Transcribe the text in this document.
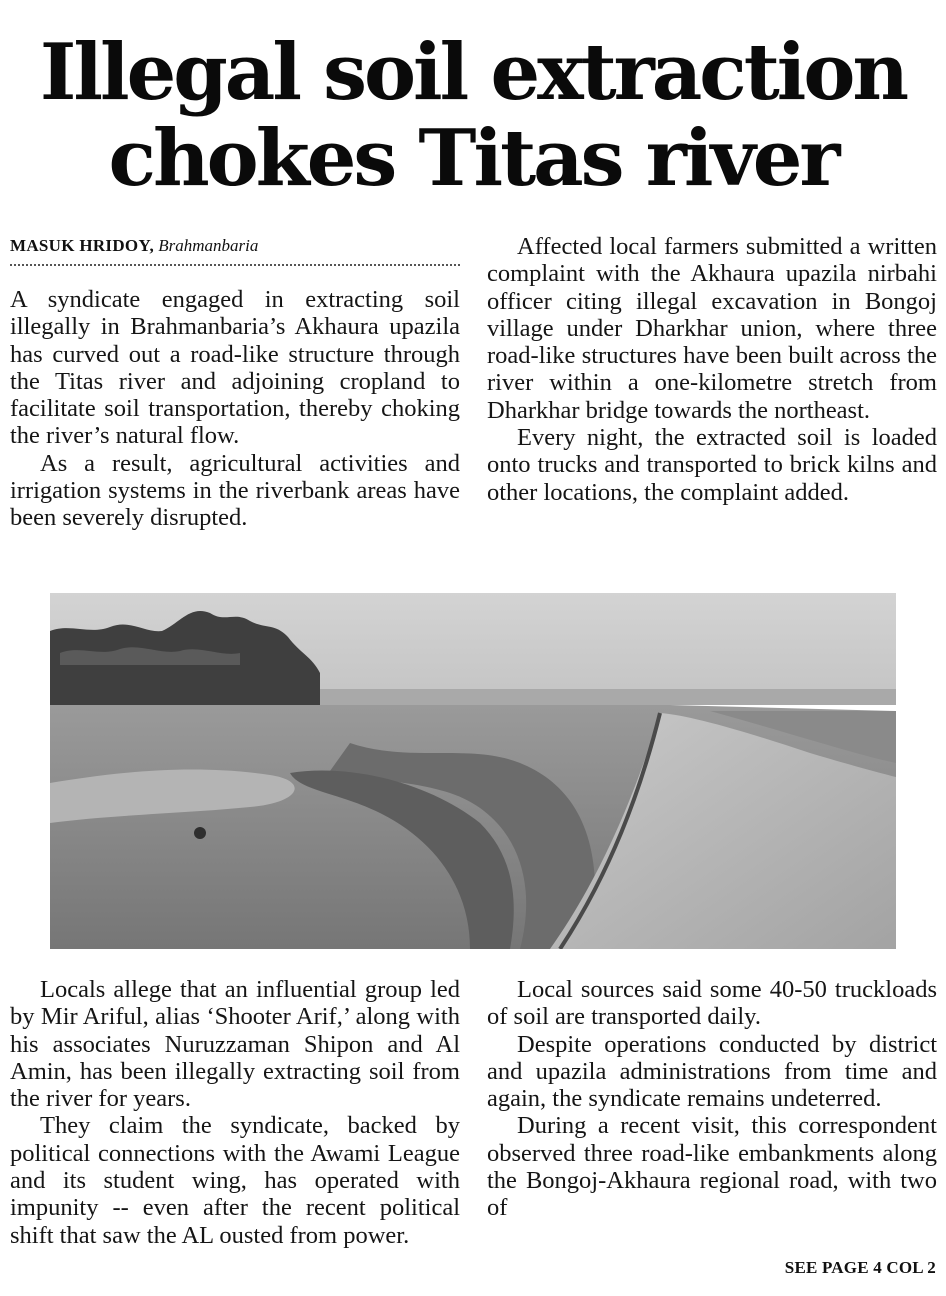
Illegal soil extraction
chokes Titas river
MASUK HRIDOY, Brahmanbaria

A syndicate engaged in extracting soil illegally in Brahmanbaria’s Akhaura upazila has curved out a road-like structure through the Titas river and adjoining cropland to facilitate soil transportation, thereby choking the river’s natural flow.

As a result, agricultural activities and irrigation systems in the riverbank areas have been severely disrupted.

Affected local farmers submitted a written complaint with the Akhaura upazila nirbahi officer citing illegal excavation in Bongoj village under Dharkhar union, where three road-like structures have been built across the river within a one-kilometre stretch from Dharkhar bridge towards the northeast.

Every night, the extracted soil is loaded onto trucks and transported to brick kilns and other locations, the complaint added.

Locals allege that an influential group led by Mir Ariful, alias ‘Shooter Arif,’ along with his associates Nuruzzaman Shipon and Al Amin, has been illegally extracting soil from the river for years.

They claim the syndicate, backed by political connections with the Awami League and its student wing, has operated with impunity -- even after the recent political shift that saw the AL ousted from power.

Local sources said some 40-50 truckloads of soil are transported daily.

Despite operations conducted by district and upazila administrations from time and again, the syndicate remains undeterred.

During a recent visit, this correspondent observed three road-like embankments along the Bongoj-Akhaura regional road, with two of

SEE PAGE 4 COL 2
